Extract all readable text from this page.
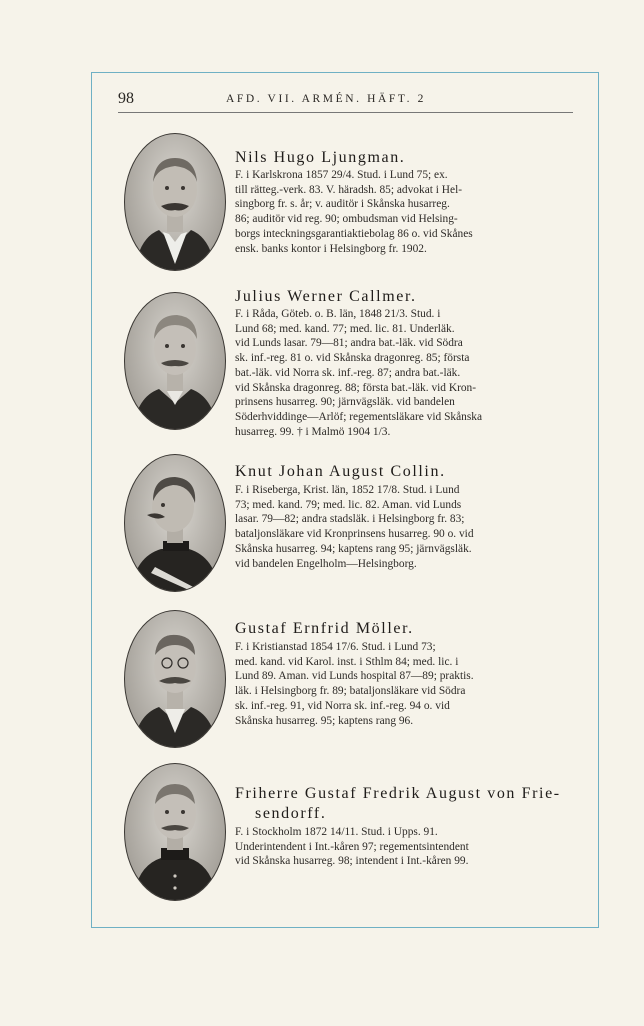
98	AFD. VII. ARMÉN. HÄFT. 2
Nils Hugo Ljungman.
F. i Karlskrona 1857 29/4. Stud. i Lund 75; ex.
till rätteg.-verk. 83. V. häradsh. 85; advokat i Hel-
singborg fr. s. år; v. auditör i Skånska husarreg.
86; auditör vid reg. 90; ombudsman vid Helsing-
borgs inteckningsgarantiaktiebolag 86 o. vid Skånes
ensk. banks kontor i Helsingborg fr. 1902.
Julius Werner Callmer.
F. i Råda, Göteb. o. B. län, 1848 21/3. Stud. i
Lund 68; med. kand. 77; med. lic. 81. Underläk.
vid Lunds lasar. 79—81; andra bat.-läk. vid Södra
sk. inf.-reg. 81 o. vid Skånska dragonreg. 85; första
bat.-läk. vid Norra sk. inf.-reg. 87; andra bat.-läk.
vid Skånska dragonreg. 88; första bat.-läk. vid Kron-
prinsens husarreg. 90; järnvägsläk. vid bandelen
Söderhviddinge—Arlöf; regementsläkare vid Skånska
husarreg. 99. † i Malmö 1904 1/3.
Knut Johan August Collin.
F. i Riseberga, Krist. län, 1852 17/8. Stud. i Lund
73; med. kand. 79; med. lic. 82. Aman. vid Lunds
lasar. 79—82; andra stadsläk. i Helsingborg fr. 83;
bataljonsläkare vid Kronprinsens husarreg. 90 o. vid
Skånska husarreg. 94; kaptens rang 95; järnvägsläk.
vid bandelen Engelholm—Helsingborg.
Gustaf Ernfrid Möller.
F. i Kristianstad 1854 17/6. Stud. i Lund 73;
med. kand. vid Karol. inst. i Sthlm 84; med. lic. i
Lund 89. Aman. vid Lunds hospital 87—89; praktis.
läk. i Helsingborg fr. 89; bataljonsläkare vid Södra
sk. inf.-reg. 91, vid Norra sk. inf.-reg. 94 o. vid
Skånska husarreg. 95; kaptens rang 96.
Friherre Gustaf Fredrik August von Frie-
sendorff.
F. i Stockholm 1872 14/11. Stud. i Upps. 91.
Underintendent i Int.-kåren 97; regementsintendent
vid Skånska husarreg. 98; intendent i Int.-kåren 99.
